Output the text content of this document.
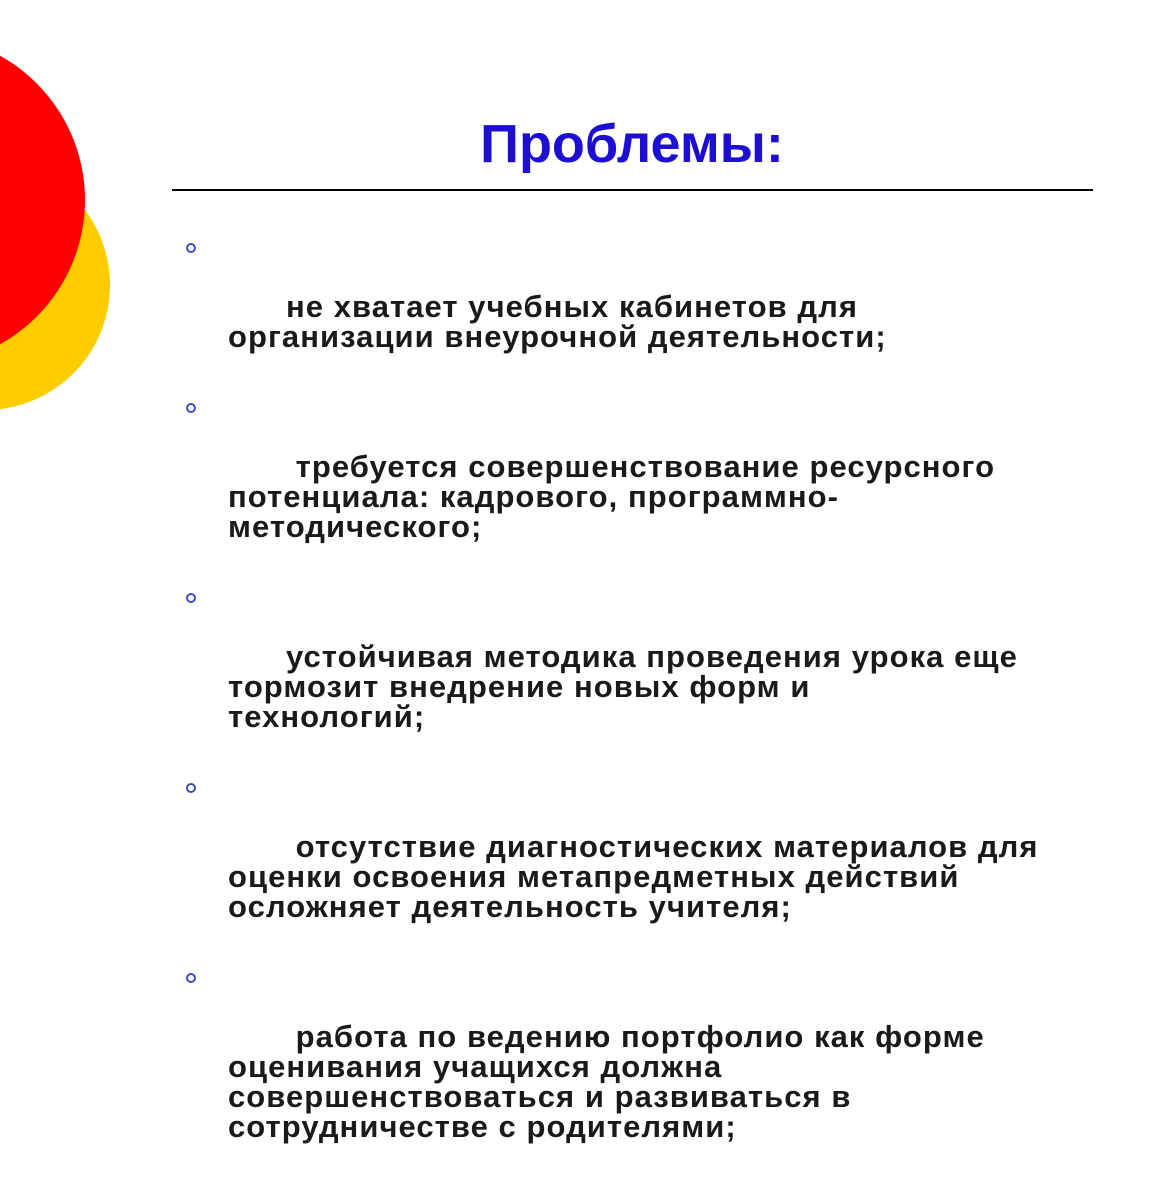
Проблемы:

не хватает учебных кабинетов для
организации внеурочной деятельности;

требуется совершенствование ресурсного
потенциала: кадрового, программно-
методического;

устойчивая методика проведения урока еще
тормозит внедрение новых форм и
технологий;

отсутствие диагностических материалов для
оценки освоения метапредметных действий
осложняет деятельность учителя;

работа по ведению портфолио как форме
оценивания учащихся должна
совершенствоваться и развиваться в
сотрудничестве с родителями;
